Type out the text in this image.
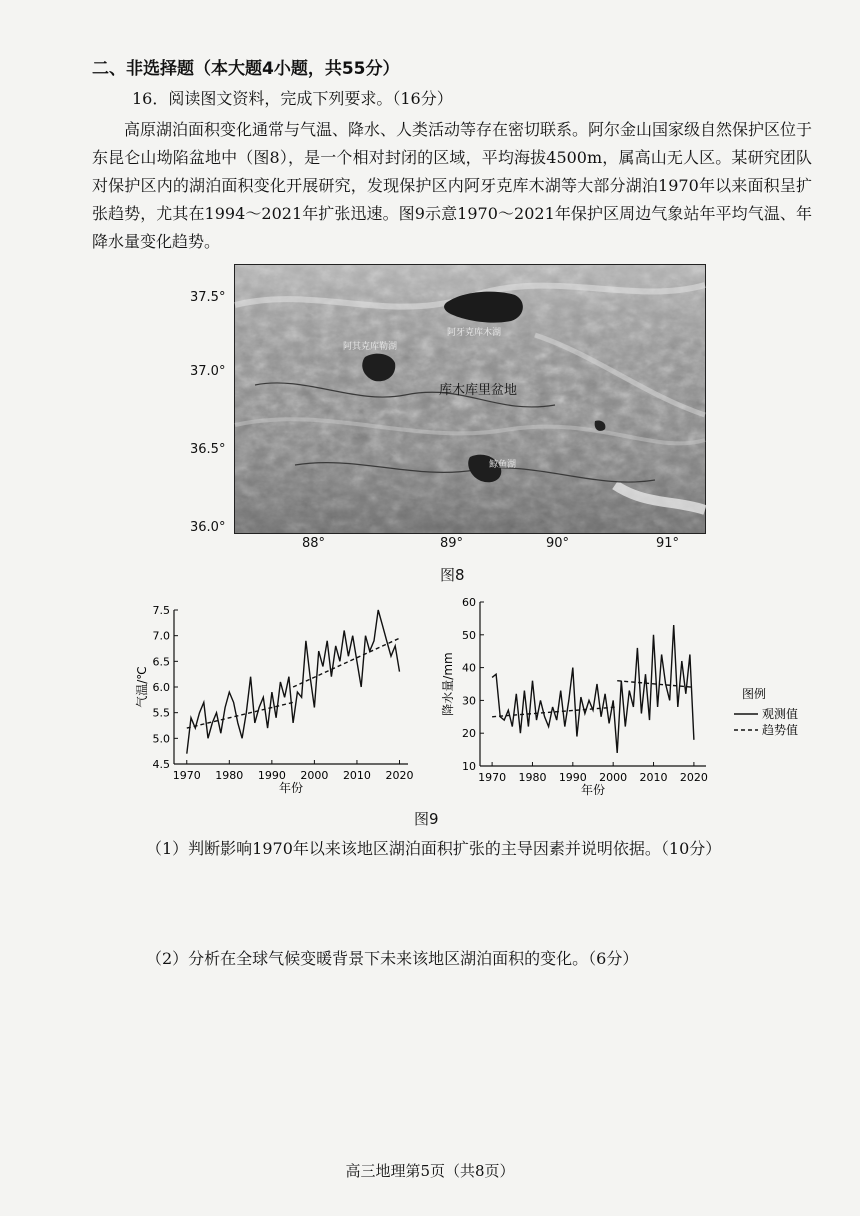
二、非选择题（本大题4小题，共55分）
16．阅读图文资料，完成下列要求。（16分）
高原湖泊面积变化通常与气温、降水、人类活动等存在密切联系。阿尔金山国家级自然保护区位于东昆仑山坳陷盆地中（图8），是一个相对封闭的区域，平均海拔4500m，属高山无人区。某研究团队对保护区内的湖泊面积变化开展研究，发现保护区内阿牙克库木湖等大部分湖泊1970年以来面积呈扩张趋势，尤其在1994～2021年扩张迅速。图9示意1970～2021年保护区周边气象站年平均气温、年降水量变化趋势。
37.5°
37.0°
36.5°
36.0°
阿牙克库木湖
阿其克库勒湖
库木库里盆地
鲸鱼湖
88°	89°	90°	91°
图8
7.5
7.0
6.5
6.0
5.5
5.0
4.5
1970 1980 1990 2000 2010 2020
年份
气温/℃
60
50
40
30
20
10
1970 1980 1990 2000 2010 2020
年份
降水量/mm	图例
观测值
趋势值
图9
（1）判断影响1970年以来该地区湖泊面积扩张的主导因素并说明依据。（10分）
（2）分析在全球气候变暖背景下未来该地区湖泊面积的变化。（6分）
高三地理第5页（共8页）
